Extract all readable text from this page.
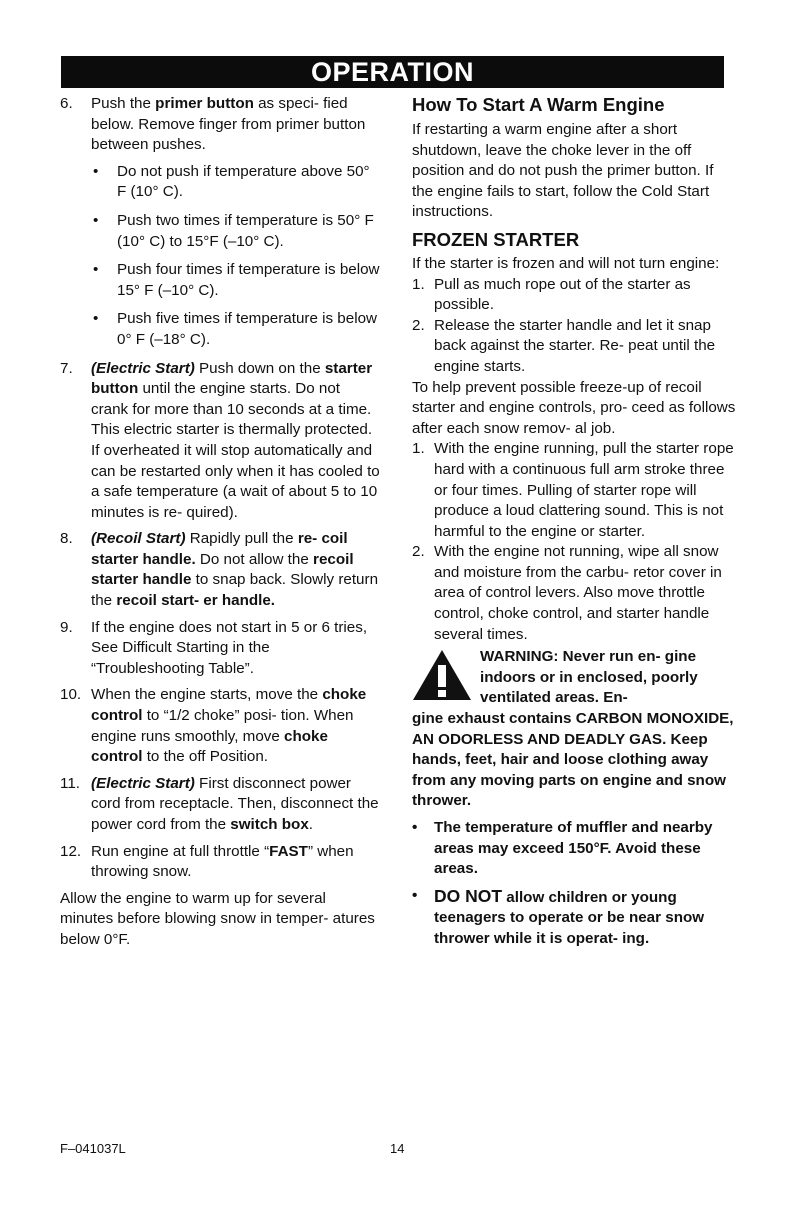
OPERATION
6. Push the primer button as speci- fied below. Remove finger from primer button between pushes.
• Do not push if temperature above 50° F (10° C).
• Push two times if temperature is 50° F (10° C) to 15°F (–10° C).
• Push four times if temperature is below 15° F (–10° C).
• Push five times if temperature is below 0° F (–18° C).
7. (Electric Start) Push down on the starter button until the engine starts. Do not crank for more than 10 seconds at a time. This electric starter is thermally protected. If overheated it will stop automatically and can be restarted only when it has cooled to a safe temperature (a wait of about 5 to 10 minutes is re- quired).
8. (Recoil Start) Rapidly pull the re- coil starter handle. Do not allow the recoil starter handle to snap back. Slowly return the recoil start- er handle.
9. If the engine does not start in 5 or 6 tries, See Difficult Starting in the “Troubleshooting Table”.
10. When the engine starts, move the choke control to “1/2 choke” posi- tion. When engine runs smoothly, move choke control to the off Position.
11. (Electric Start) First disconnect power cord from receptacle. Then, disconnect the power cord from the switch box.
12. Run engine at full throttle “FAST” when throwing snow.
Allow the engine to warm up for several minutes before blowing snow in temper- atures below 0°F.
How To Start A Warm Engine
If restarting a warm engine after a short shutdown, leave the choke lever in the off position and do not push the primer button. If the engine fails to start, follow the Cold Start instructions.
FROZEN STARTER
If the starter is frozen and will not turn engine:
1. Pull as much rope out of the starter as possible.
2. Release the starter handle and let it snap back against the starter. Re- peat until the engine starts.
To help prevent possible freeze-up of recoil starter and engine controls, pro- ceed as follows after each snow remov- al job.
1. With the engine running, pull the starter rope hard with a continuous full arm stroke three or four times. Pulling of starter rope will produce a loud clattering sound. This is not harmful to the engine or starter.
2. With the engine not running, wipe all snow and moisture from the carbu- retor cover in area of control levers. Also move throttle control, choke control, and starter handle several times.
WARNING: Never run en- gine indoors or in enclosed, poorly ventilated areas. En-
gine exhaust contains CARBON MONOXIDE, AN ODORLESS AND DEADLY GAS. Keep hands, feet, hair and loose clothing away from any moving parts on engine and snow thrower.
• The temperature of muffler and nearby areas may exceed 150°F. Avoid these areas.
• DO NOT allow children or young teenagers to operate or be near snow thrower while it is operat- ing.
F–041037L	14
